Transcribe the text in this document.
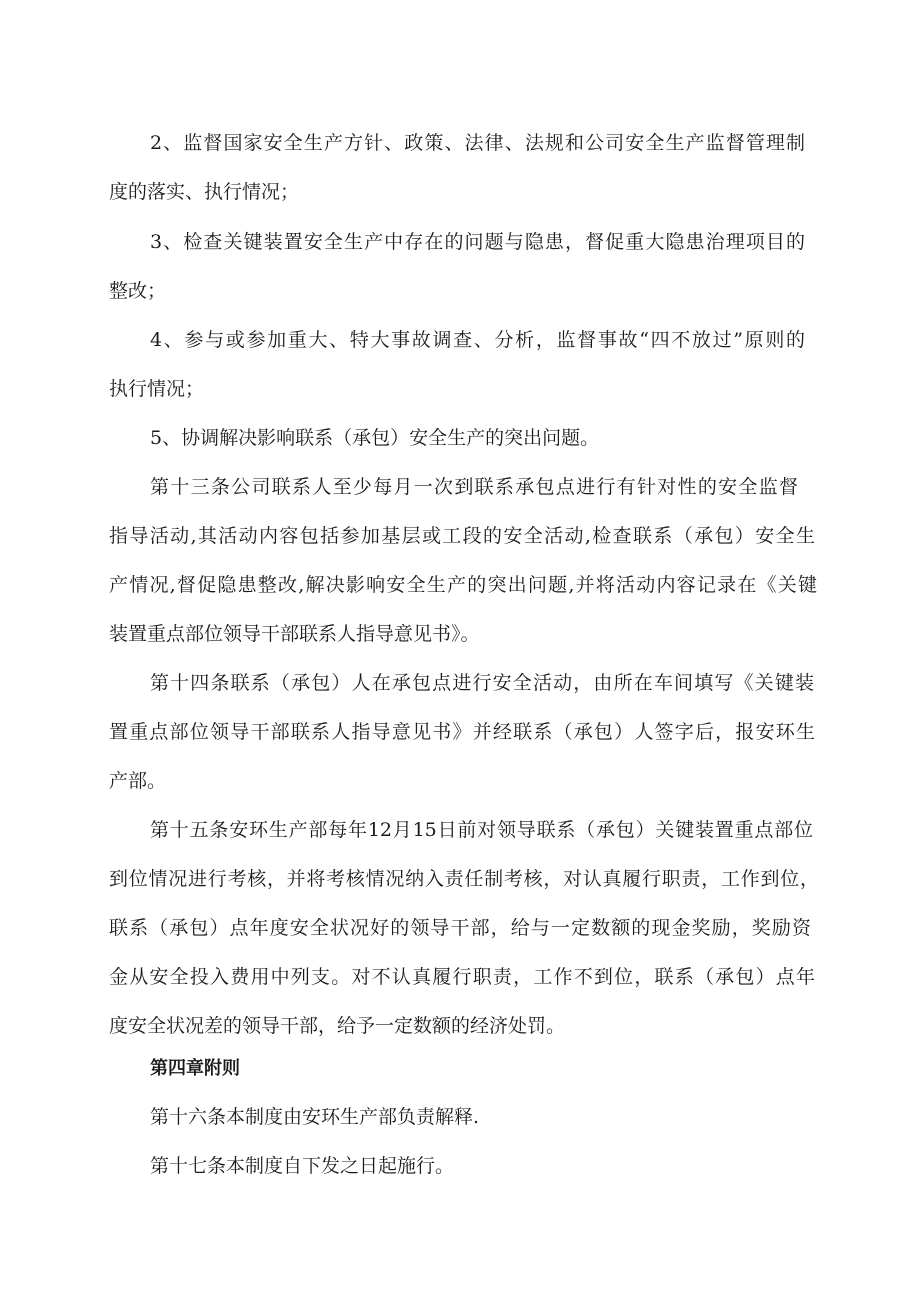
2、监督国家安全生产方针、政策、法律、法规和公司安全生产监督管理制
度的落实、执行情况；
3、检查关键装置安全生产中存在的问题与隐患，督促重大隐患治理项目的
整改；
4、参与或参加重大、特大事故调查、分析，监督事故“四不放过”原则的
执行情况；
5、协调解决影响联系（承包）安全生产的突出问题。
第十三条公司联系人至少每月一次到联系承包点进行有针对性的安全监督
指导活动,其活动内容包括参加基层或工段的安全活动,检查联系（承包）安全生
产情况,督促隐患整改,解决影响安全生产的突出问题,并将活动内容记录在《关键
装置重点部位领导干部联系人指导意见书》。
第十四条联系（承包）人在承包点进行安全活动，由所在车间填写《关键装
置重点部位领导干部联系人指导意见书》并经联系（承包）人签字后，报安环生
产部。
第十五条安环生产部每年12月15日前对领导联系（承包）关键装置重点部位
到位情况进行考核，并将考核情况纳入责任制考核，对认真履行职责，工作到位，
联系（承包）点年度安全状况好的领导干部，给与一定数额的现金奖励，奖励资
金从安全投入费用中列支。对不认真履行职责，工作不到位，联系（承包）点年
度安全状况差的领导干部，给予一定数额的经济处罚。
第四章附则
第十六条本制度由安环生产部负责解释.
第十七条本制度自下发之日起施行。
